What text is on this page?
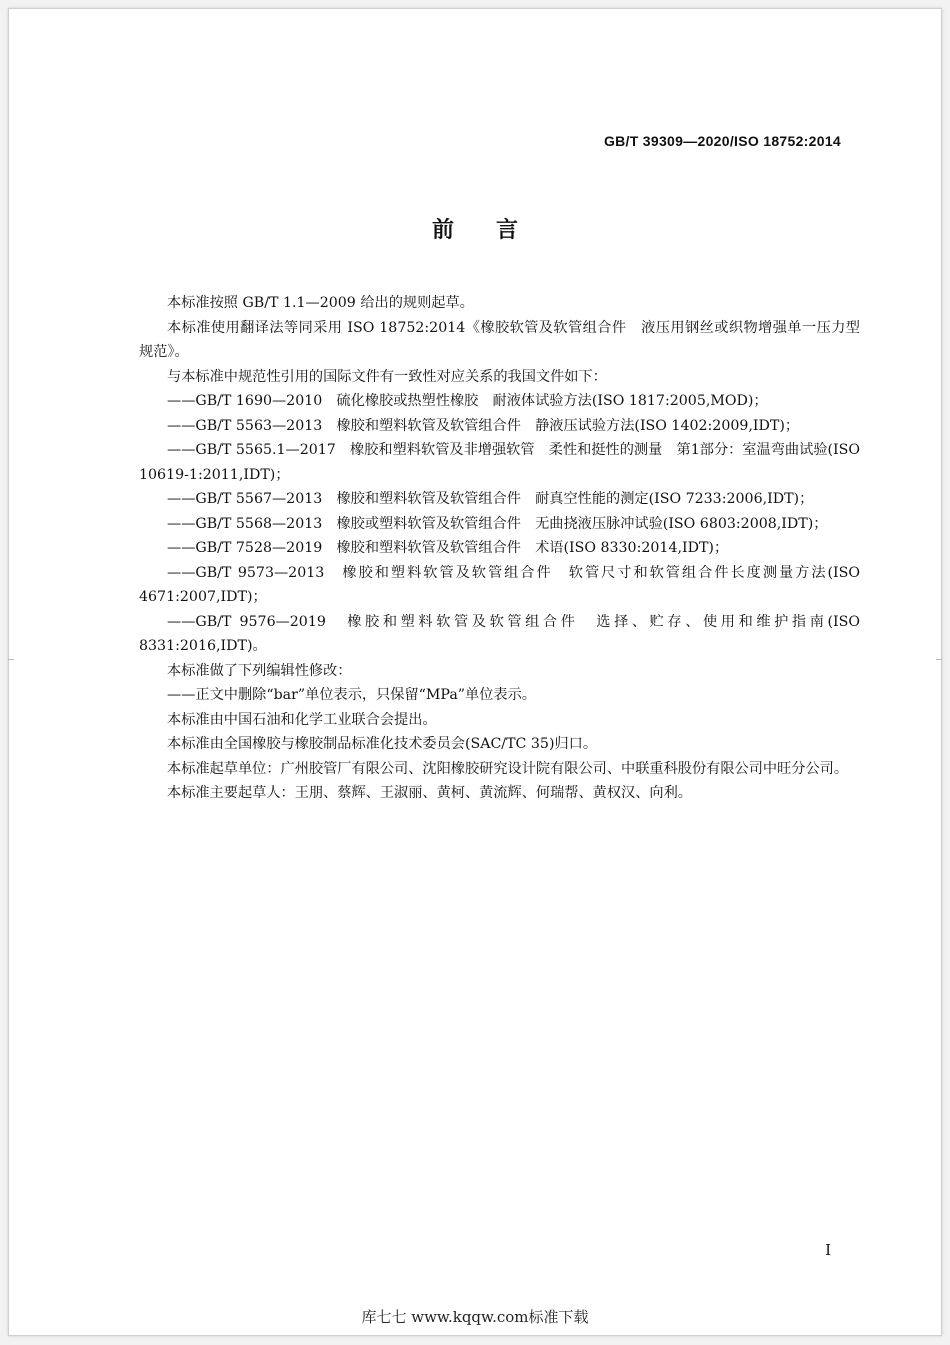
GB/T 39309—2020/ISO 18752:2014
前言

本标准按照 GB/T 1.1—2009 给出的规则起草。

本标准使用翻译法等同采用 ISO 18752:2014《橡胶软管及软管组合件　液压用钢丝或织物增强单一压力型　规范》。

与本标准中规范性引用的国际文件有一致性对应关系的我国文件如下：

——GB/T 1690—2010　硫化橡胶或热塑性橡胶　耐液体试验方法(ISO 1817:2005,MOD)；

——GB/T 5563—2013　橡胶和塑料软管及软管组合件　静液压试验方法(ISO 1402:2009,IDT)；

——GB/T 5565.1—2017　橡胶和塑料软管及非增强软管　柔性和挺性的测量　第1部分：室温弯曲试验(ISO 10619-1:2011,IDT)；

——GB/T 5567—2013　橡胶和塑料软管及软管组合件　耐真空性能的测定(ISO 7233:2006,IDT)；

——GB/T 5568—2013　橡胶或塑料软管及软管组合件　无曲挠液压脉冲试验(ISO 6803:2008,IDT)；

——GB/T 7528—2019　橡胶和塑料软管及软管组合件　术语(ISO 8330:2014,IDT)；

——GB/T 9573—2013　橡胶和塑料软管及软管组合件　软管尺寸和软管组合件长度测量方法(ISO 4671:2007,IDT)；

——GB/T 9576—2019　橡胶和塑料软管及软管组合件　选择、贮存、使用和维护指南(ISO 8331:2016,IDT)。

本标准做了下列编辑性修改：

——正文中删除“bar”单位表示，只保留“MPa”单位表示。

本标准由中国石油和化学工业联合会提出。

本标准由全国橡胶与橡胶制品标准化技术委员会(SAC/TC 35)归口。

本标准起草单位：广州胶管厂有限公司、沈阳橡胶研究设计院有限公司、中联重科股份有限公司中旺分公司。

本标准主要起草人：王朋、蔡辉、王淑丽、黄柯、黄流辉、何瑞帮、黄权汉、向利。

I
库七七 www.kqqw.com标准下载
